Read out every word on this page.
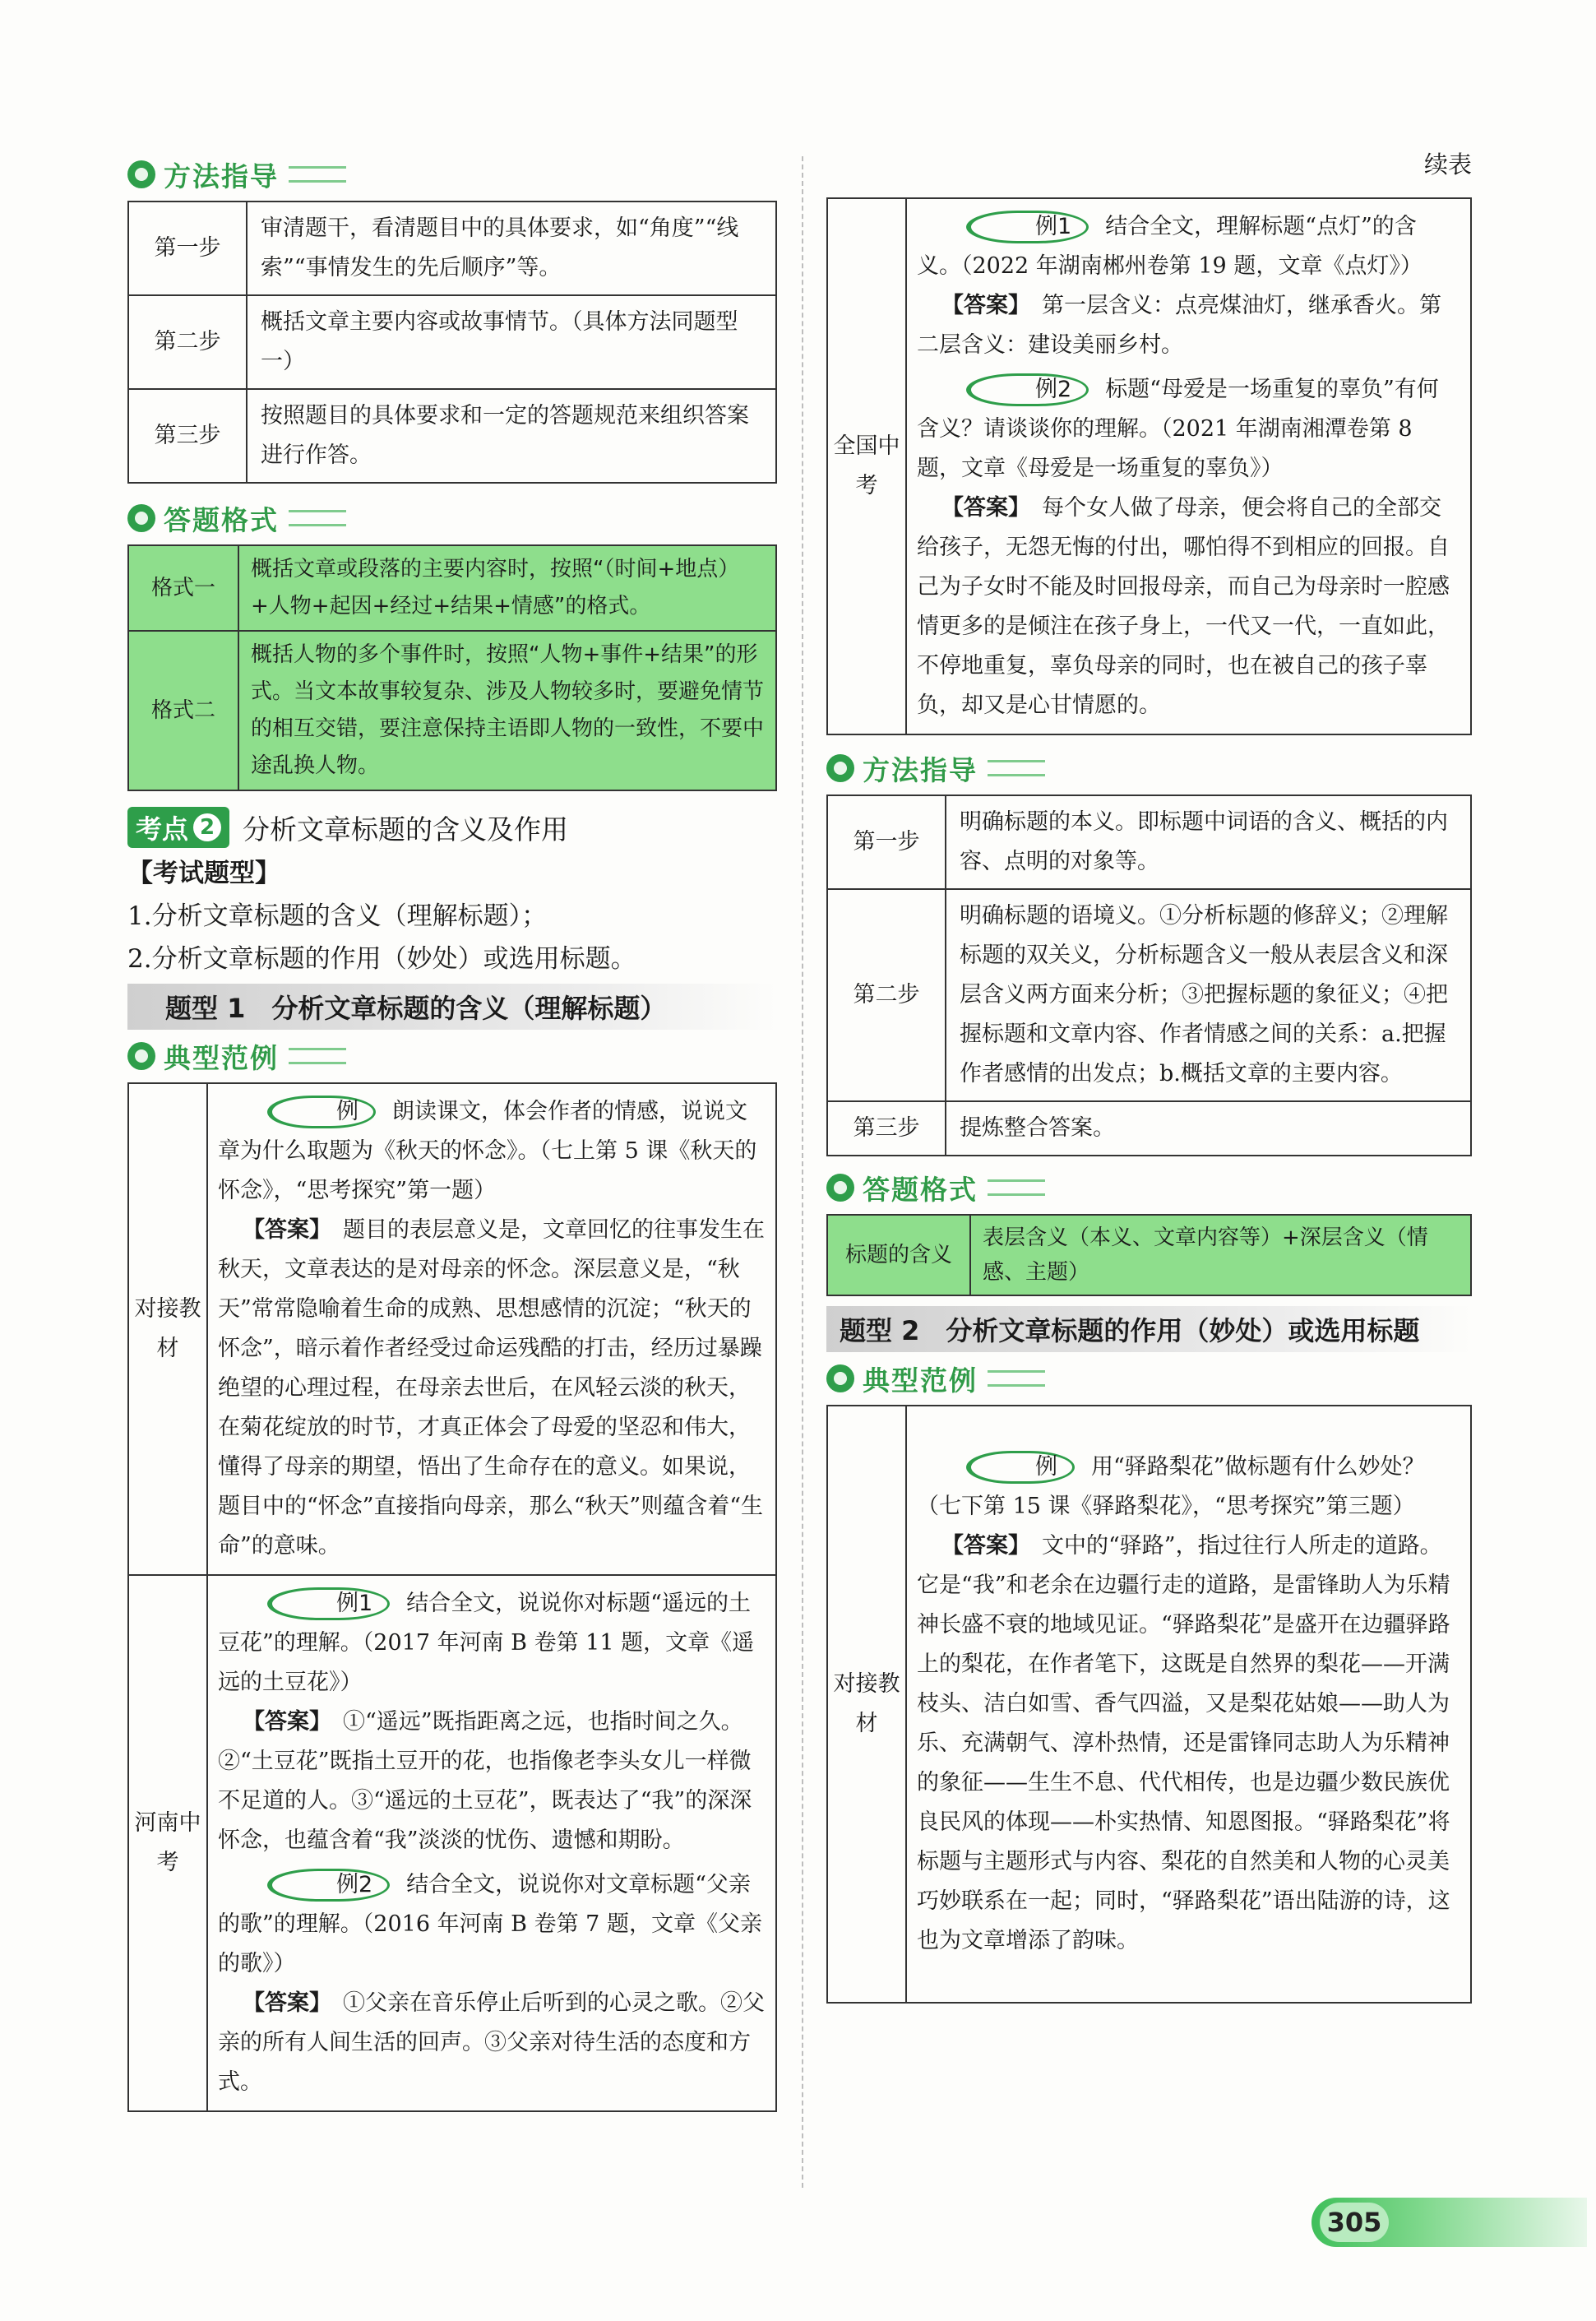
方法指导
第一步	审清题干，看清题目中的具体要求，如“角度”“线索”“事情发生的先后顺序”等。
第二步	概括文章主要内容或故事情节。（具体方法同题型一）
第三步	按照题目的具体要求和一定的答题规范来组织答案进行作答。
答题格式
格式一	概括文章或段落的主要内容时，按照“（时间+地点）+人物+起因+经过+结果+情感”的格式。
格式二	概括人物的多个事件时，按照“人物+事件+结果”的形式。当文本故事较复杂、涉及人物较多时，要避免情节的相互交错，要注意保持主语即人物的一致性，不要中途乱换人物。
考点 2 分析文章标题的含义及作用
【考试题型】
1.分析文章标题的含义（理解标题）；
2.分析文章标题的作用（妙处）或选用标题。
题型 1　分析文章标题的含义（理解标题）
典型范例
对接教材	例 朗读课文，体会作者的情感，说说文章为什么取题为《秋天的怀念》。（七上第 5 课《秋天的怀念》，“思考探究”第一题）

【答案】 题目的表层意义是，文章回忆的往事发生在秋天，文章表达的是对母亲的怀念。深层意义是，“秋天”常常隐喻着生命的成熟、思想感情的沉淀；“秋天的怀念”，暗示着作者经受过命运残酷的打击，经历过暴躁绝望的心理过程，在母亲去世后，在风轻云淡的秋天，在菊花绽放的时节，才真正体会了母爱的坚忍和伟大，懂得了母亲的期望，悟出了生命存在的意义。如果说，题目中的“怀念”直接指向母亲，那么“秋天”则蕴含着“生命”的意味。

河南中考	例1 结合全文，说说你对标题“遥远的土豆花”的理解。（2017 年河南 B 卷第 11 题，文章《遥远的土豆花》）

【答案】 ①“遥远”既指距离之远，也指时间之久。②“土豆花”既指土豆开的花，也指像老李头女儿一样微不足道的人。③“遥远的土豆花”，既表达了“我”的深深怀念，也蕴含着“我”淡淡的忧伤、遗憾和期盼。

例2 结合全文，说说你对文章标题“父亲的歌”的理解。（2016 年河南 B 卷第 7 题，文章《父亲的歌》）

【答案】 ①父亲在音乐停止后听到的心灵之歌。②父亲的所有人间生活的回声。③父亲对待生活的态度和方式。

续表
全国中考	

例1 结合全文，理解标题“点灯”的含义。（2022 年湖南郴州卷第 19 题，文章《点灯》）

【答案】 第一层含义：点亮煤油灯，继承香火。第二层含义：建设美丽乡村。

例2 标题“母爱是一场重复的辜负”有何含义？请谈谈你的理解。（2021 年湖南湘潭卷第 8 题，文章《母爱是一场重复的辜负》）

【答案】 每个女人做了母亲，便会将自己的全部交给孩子，无怨无悔的付出，哪怕得不到相应的回报。自己为子女时不能及时回报母亲，而自己为母亲时一腔感情更多的是倾注在孩子身上，一代又一代，一直如此，不停地重复，辜负母亲的同时，也在被自己的孩子辜负，却又是心甘情愿的。

方法指导
第一步	明确标题的本义。即标题中词语的含义、概括的内容、点明的对象等。
第二步	明确标题的语境义。①分析标题的修辞义；②理解标题的双关义，分析标题含义一般从表层含义和深层含义两方面来分析；③把握标题的象征义；④把握标题和文章内容、作者情感之间的关系：a.把握作者感情的出发点；b.概括文章的主要内容。
第三步	提炼整合答案。
答题格式
标题的含义	表层含义（本义、文章内容等）+深层含义（情感、主题）
题型 2　分析文章标题的作用（妙处）或选用标题
典型范例
对接教材	

例 用“驿路梨花”做标题有什么妙处？（七下第 15 课《驿路梨花》，“思考探究”第三题）

【答案】 文中的“驿路”，指过往行人所走的道路。它是“我”和老余在边疆行走的道路，是雷锋助人为乐精神长盛不衰的地域见证。“驿路梨花”是盛开在边疆驿路上的梨花，在作者笔下，这既是自然界的梨花——开满枝头、洁白如雪、香气四溢，又是梨花姑娘——助人为乐、充满朝气、淳朴热情，还是雷锋同志助人为乐精神的象征——生生不息、代代相传，也是边疆少数民族优良民风的体现——朴实热情、知恩图报。“驿路梨花”将标题与主题形式与内容、梨花的自然美和人物的心灵美巧妙联系在一起；同时，“驿路梨花”语出陆游的诗，这也为文章增添了韵味。

305
